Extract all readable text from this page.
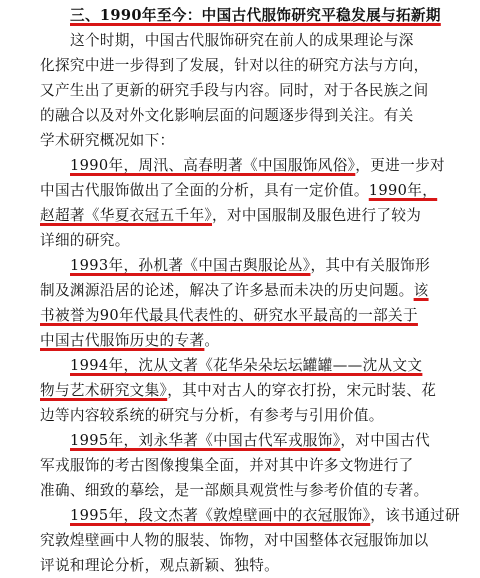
三、1990年至今：中国古代服饰研究平稳发展与拓新期
这个时期，中国古代服饰研究在前人的成果理论与深
化探究中进一步得到了发展，针对以往的研究方法与方向，
又产生出了更新的研究手段与内容。同时，对于各民族之间
的融合以及对外文化影响层面的问题逐步得到关注。有关
学术研究概况如下：
1990年，周汛、高春明著《中国服饰风俗》，更进一步对
中国古代服饰做出了全面的分析，具有一定价值。1990年，
赵超著《华夏衣冠五千年》，对中国服制及服色进行了较为
详细的研究。
1993年，孙机著《中国古舆服论丛》，其中有关服饰形
制及渊源沿居的论述，解决了许多悬而未决的历史问题。该
书被誉为90年代最具代表性的、研究水平最高的一部关于
中国古代服饰历史的专著。
1994年，沈从文著《花华朵朵坛坛罐罐——沈从文文
物与艺术研究文集》，其中对古人的穿衣打扮，宋元时装、花
边等内容较系统的研究与分析，有参考与引用价值。
1995年，刘永华著《中国古代军戎服饰》，对中国古代
军戎服饰的考古图像搜集全面，并对其中许多文物进行了
准确、细致的摹绘，是一部颇具观赏性与参考价值的专著。
1995年，段文杰著《敦煌壁画中的衣冠服饰》，该书通过研
究敦煌壁画中人物的服装、饰物，对中国整体衣冠服饰加以
评说和理论分析，观点新颖、独特。
